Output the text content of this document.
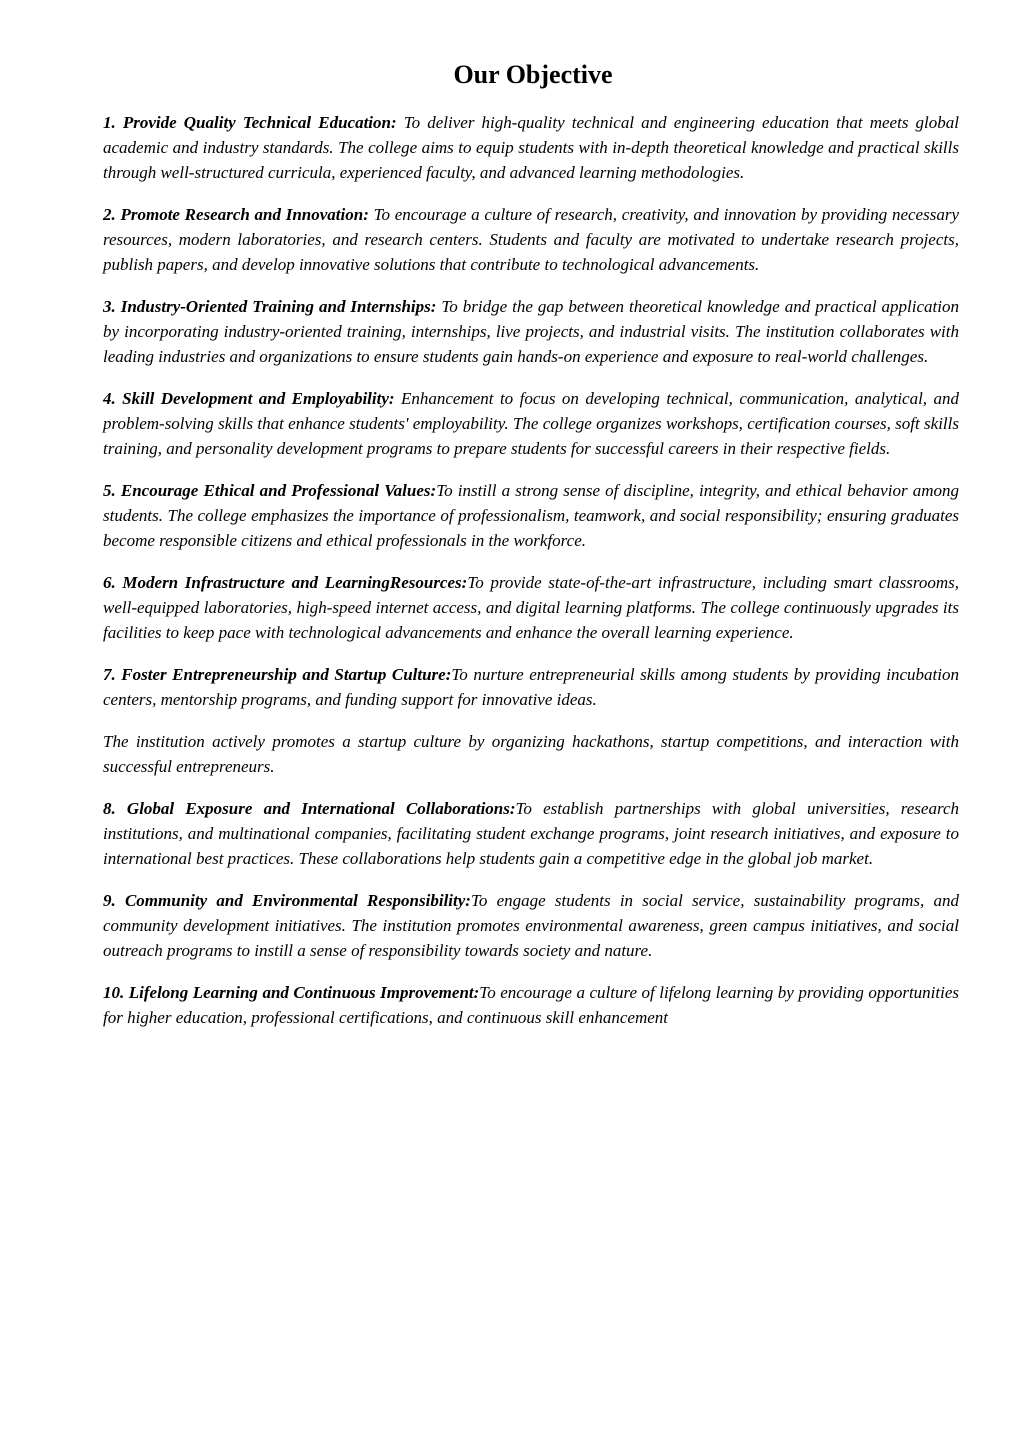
Our Objective

1. Provide Quality Technical Education: To deliver high-quality technical and engineering education that meets global academic and industry standards. The college aims to equip students with in-depth theoretical knowledge and practical skills through well-structured curricula, experienced faculty, and advanced learning methodologies.

2. Promote Research and Innovation: To encourage a culture of research, creativity, and innovation by providing necessary resources, modern laboratories, and research centers. Students and faculty are motivated to undertake research projects, publish papers, and develop innovative solutions that contribute to technological advancements.

3. Industry-Oriented Training and Internships: To bridge the gap between theoretical knowledge and practical application by incorporating industry-oriented training, internships, live projects, and industrial visits. The institution collaborates with leading industries and organizations to ensure students gain hands-on experience and exposure to real-world challenges.

4. Skill Development and Employability: Enhancement to focus on developing technical, communication, analytical, and problem-solving skills that enhance students' employability. The college organizes workshops, certification courses, soft skills training, and personality development programs to prepare students for successful careers in their respective fields.

5. Encourage Ethical and Professional Values:To instill a strong sense of discipline, integrity, and ethical behavior among students. The college emphasizes the importance of professionalism, teamwork, and social responsibility; ensuring graduates become responsible citizens and ethical professionals in the workforce.

6. Modern Infrastructure and LearningResources:To provide state-of-the-art infrastructure, including smart classrooms, well-equipped laboratories, high-speed internet access, and digital learning platforms. The college continuously upgrades its facilities to keep pace with technological advancements and enhance the overall learning experience.

7. Foster Entrepreneurship and Startup Culture:To nurture entrepreneurial skills among students by providing incubation centers, mentorship programs, and funding support for innovative ideas.

The institution actively promotes a startup culture by organizing hackathons, startup competitions, and interaction with successful entrepreneurs.

8. Global Exposure and International Collaborations:To establish partnerships with global universities, research institutions, and multinational companies, facilitating student exchange programs, joint research initiatives, and exposure to international best practices. These collaborations help students gain a competitive edge in the global job market.

9. Community and Environmental Responsibility:To engage students in social service, sustainability programs, and community development initiatives. The institution promotes environmental awareness, green campus initiatives, and social outreach programs to instill a sense of responsibility towards society and nature.

10. Lifelong Learning and Continuous Improvement:To encourage a culture of lifelong learning by providing opportunities for higher education, professional certifications, and continuous skill enhancement
